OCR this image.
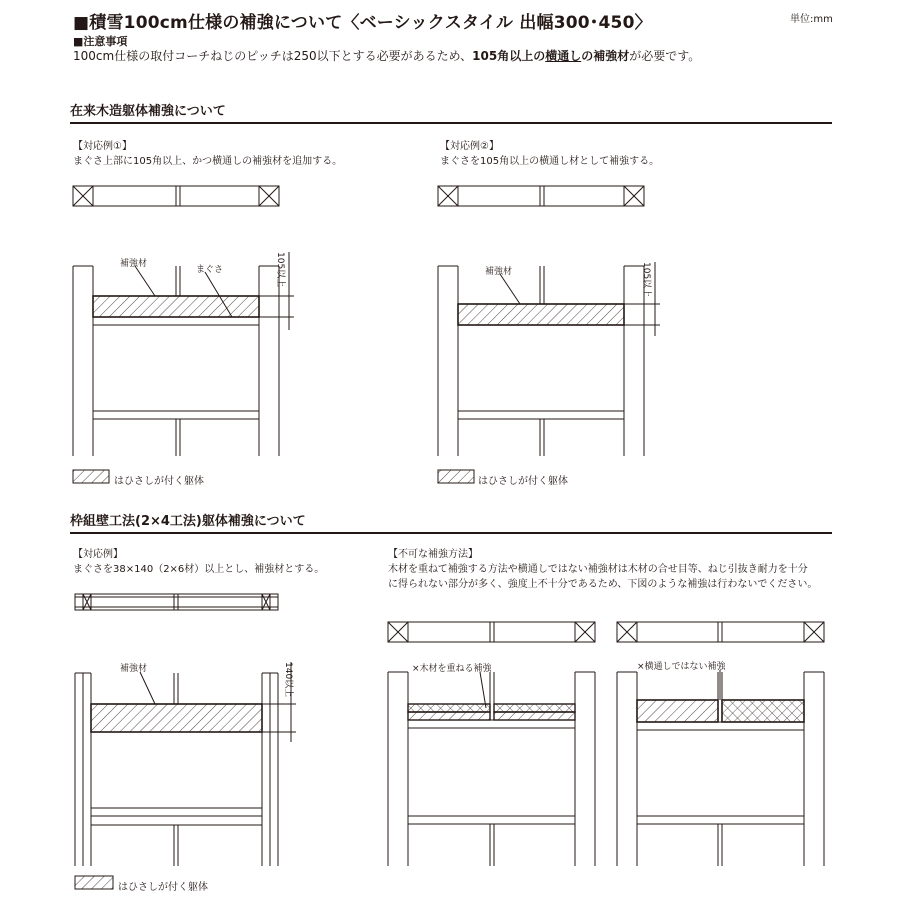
■積雪100cm仕様の補強について〈ベーシックスタイル 出幅300･450〉	単位:mm
■注意事項
100cm仕様の取付コーチねじのピッチは250以下とする必要があるため、105角以上の横通しの補強材が必要です。
在来木造躯体補強について
枠組壁工法(2×4工法)躯体補強について
【対応例①】
まぐさ上部に105角以上、かつ横通しの補強材を追加する。
【対応例②】
まぐさを105角以上の横通し材として補強する。
補強材
まぐさ	補強材
105以上	105以上
はひさしが付く躯体	はひさしが付く躯体
【対応例】
まぐさを38×140（2×6材）以上とし、補強材とする。
【不可な補強方法】
木材を重ねて補強する方法や横通しではない補強材は木材の合せ目等、ねじ引抜き耐力を十分
に得られない部分が多く、強度上不十分であるため、下図のような補強は行わないでください。
補強材	140以上	×木材を重ねる補強	×横通しではない補強
はひさしが付く躯体
